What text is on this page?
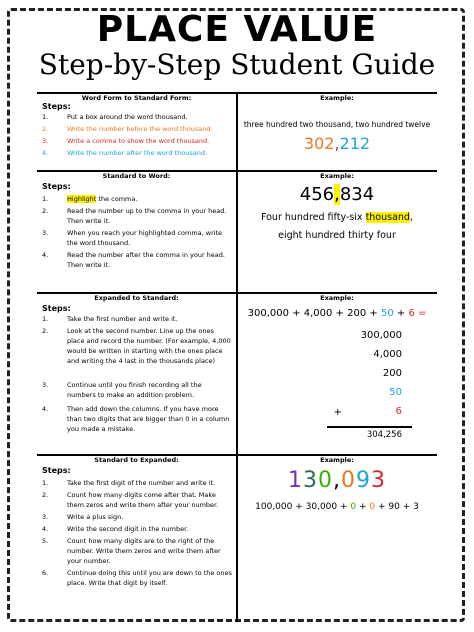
PLACE VALUE
Step-by-Step Student Guide
Word Form to Standard Form:	Example:
Steps:
1.	Put a box around the word thousand.
2.	Write the number before the word thousand.
3.	Write a comma to show the word thousand.
4.	Write the number after the word thousand.
three hundred two thousand, two hundred twelve
302,212
Standard to Word:	Example:
Steps:
1.	Highlight the comma.
2.	Read the number up to the comma in your head. Then write it.
3.	When you reach your highlighted comma, write the word thousand.
4.	Read the number after the comma in your head. Then write it.
456,834
Four hundred fifty-six thousand,
eight hundred thirty four
Expanded to Standard:	Example:
Steps:
1.	Take the first number and write it.
2.	Look at the second number. Line up the ones place and record the number. (For example, 4,000 would be written in starting with the ones place and writing the 4 last in the thousands place)
3.	Continue until you finish recording all the numbers to make an addition problem.
4.	Then add down the columns. If you have more than two digits that are bigger than 0 in a column you made a mistake.
300,000 + 4,000 + 200 + 50 + 6 =
300,000
4,000
200
50
6
+
304,256
Standard to Expanded:	Example:
Steps:
1.	Take the first digit of the number and write it.
2.	Count how many digits come after that. Make them zeros and write them after your number.
3.	Write a plus sign.
4.	Write the second digit in the number.
5.	Count how many digits are to the right of the number. Write them zeros and write them after your number.
6.	Continue doing this until you are down to the ones place. Write that digit by itself.
130,093
100,000 + 30,000 + 0 + 0 + 90 + 3
